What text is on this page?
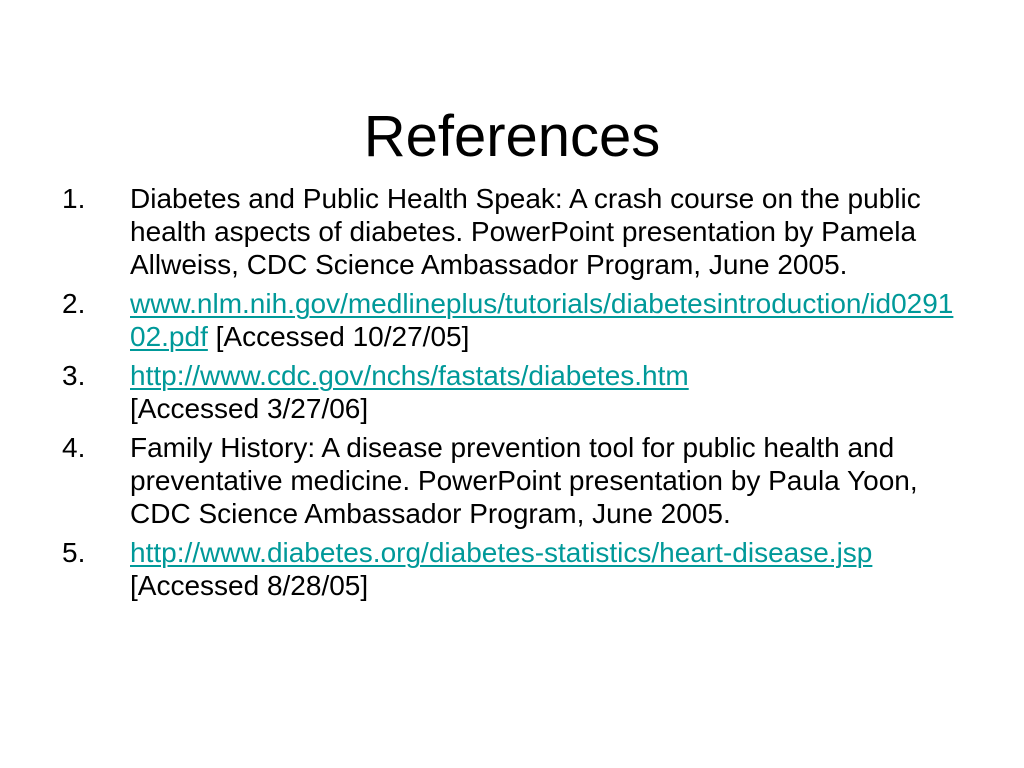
References
1.	Diabetes and Public Health Speak: A crash course on the public health aspects of diabetes. PowerPoint presentation by Pamela Allweiss, CDC Science Ambassador Program, June 2005.
2.	www.nlm.nih.gov/medlineplus/tutorials/diabetesintroduction/id029102.pdf [Accessed 10/27/05]
3.	http://www.cdc.gov/nchs/fastats/diabetes.htm
[Accessed 3/27/06]
4.	Family History: A disease prevention tool for public health and preventative medicine. PowerPoint presentation by Paula Yoon, CDC Science Ambassador Program, June 2005.
5.	http://www.diabetes.org/diabetes-statistics/heart-disease.jsp [Accessed 8/28/05]
